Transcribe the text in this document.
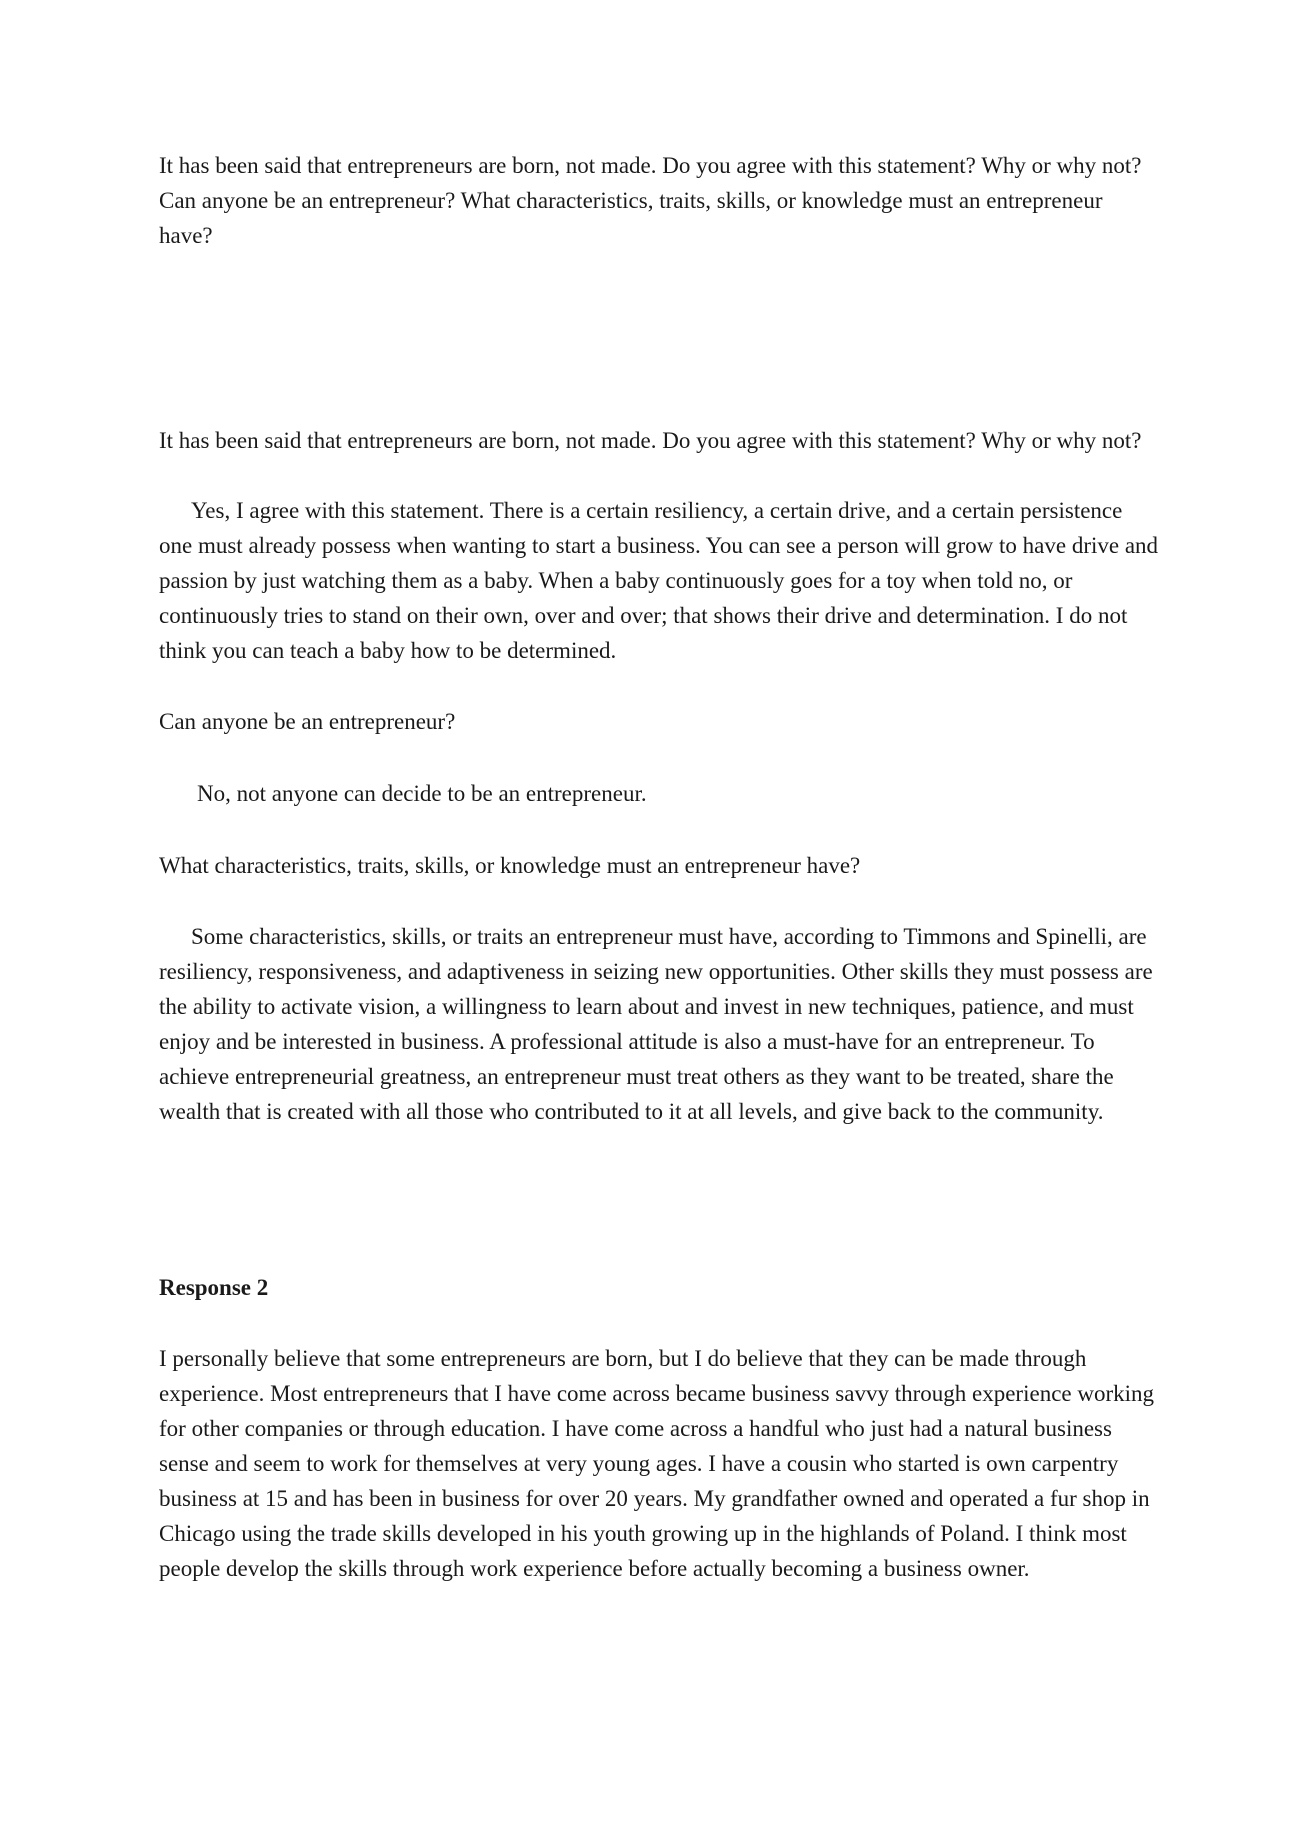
It has been said that entrepreneurs are born, not made. Do you agree with this statement? Why or why not? Can anyone be an entrepreneur? What characteristics, traits, skills, or knowledge must an entrepreneur have?

It has been said that entrepreneurs are born, not made. Do you agree with this statement? Why or why not?

Yes, I agree with this statement. There is a certain resiliency, a certain drive, and a certain persistence one must already possess when wanting to start a business. You can see a person will grow to have drive and passion by just watching them as a baby. When a baby continuously goes for a toy when told no, or continuously tries to stand on their own, over and over; that shows their drive and determination. I do not think you can teach a baby how to be determined.

Can anyone be an entrepreneur?

No, not anyone can decide to be an entrepreneur.

What characteristics, traits, skills, or knowledge must an entrepreneur have?

Some characteristics, skills, or traits an entrepreneur must have, according to Timmons and Spinelli, are resiliency, responsiveness, and adaptiveness in seizing new opportunities. Other skills they must possess are the ability to activate vision, a willingness to learn about and invest in new techniques, patience, and must enjoy and be interested in business. A professional attitude is also a must-have for an entrepreneur. To achieve entrepreneurial greatness, an entrepreneur must treat others as they want to be treated, share the wealth that is created with all those who contributed to it at all levels, and give back to the community.

Response 2

I personally believe that some entrepreneurs are born, but I do believe that they can be made through experience. Most entrepreneurs that I have come across became business savvy through experience working for other companies or through education. I have come across a handful who just had a natural business sense and seem to work for themselves at very young ages. I have a cousin who started is own carpentry business at 15 and has been in business for over 20 years. My grandfather owned and operated a fur shop in Chicago using the trade skills developed in his youth growing up in the highlands of Poland. I think most people develop the skills through work experience before actually becoming a business owner.
